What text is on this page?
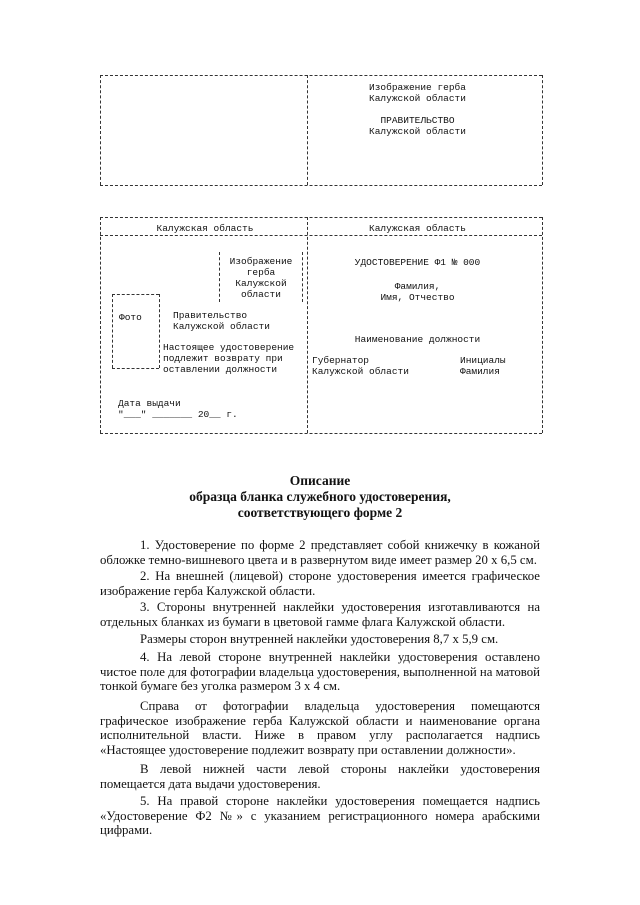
Изображение герба
Калужской области
ПРАВИТЕЛЬСТВО
Калужской области
Калужская область	Калужская область
Изображение
герба
Калужской
области
Фото	Правительство
Калужской области
Настоящее удостоверение
подлежит возврату при
оставлении должности
Дата выдачи
"___" _______ 20__ г.
УДОСТОВЕРЕНИЕ Ф1 № 000
Фамилия,
Имя, Отчество
Наименование должности
Губернатор
Калужской области
Инициалы
Фамилия
Описание
образца бланка служебного удостоверения,
соответствующего форме 2
1. Удостоверение по форме 2 представляет собой книжечку в кожаной обложке темно-вишневого цвета и в развернутом виде имеет размер 20 х 6,5 см.
2. На внешней (лицевой) стороне удостоверения имеется графическое изображение герба Калужской области.
3. Стороны внутренней наклейки удостоверения изготавливаются на отдельных бланках из бумаги в цветовой гамме флага Калужской области.
Размеры сторон внутренней наклейки удостоверения 8,7 х 5,9 см.
4. На левой стороне внутренней наклейки удостоверения оставлено чистое поле для фотографии владельца удостоверения, выполненной на матовой тонкой бумаге без уголка размером 3 х 4 см.
Справа от фотографии владельца удостоверения помещаются графическое изображение герба Калужской области и наименование органа исполнительной власти. Ниже в правом углу располагается надпись «Настоящее удостоверение подлежит возврату при оставлении должности».
В левой нижней части левой стороны наклейки удостоверения помещается дата выдачи удостоверения.
5. На правой стороне наклейки удостоверения помещается надпись «Удостоверение Ф2 №» с указанием регистрационного номера арабскими цифрами.
